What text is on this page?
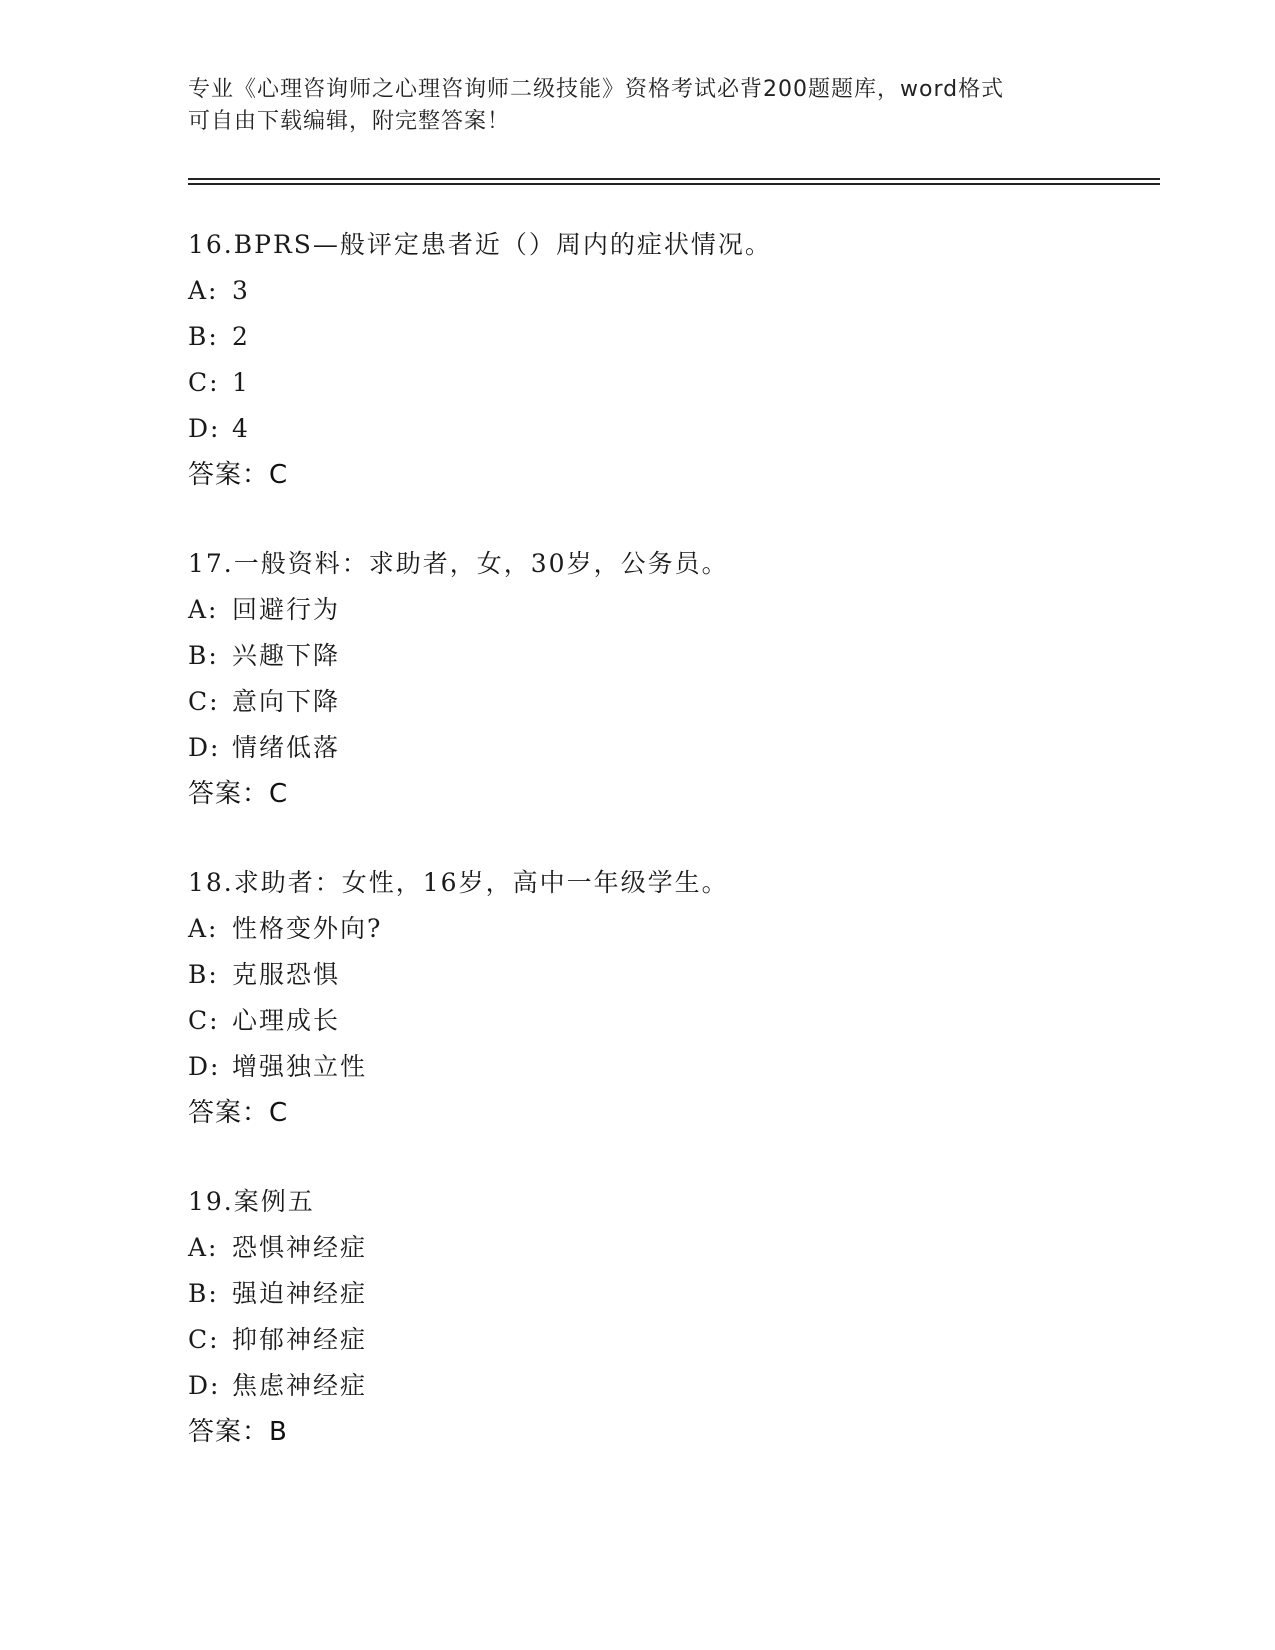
专业《心理咨询师之心理咨询师二级技能》资格考试必背200题题库，word格式
可自由下载编辑，附完整答案！
16.BPRS—般评定患者近（）周内的症状情况。
A: 3
B: 2
C: 1
D: 4
答案：C
17.一般资料：求助者，女，30岁，公务员。
A: 回避行为
B: 兴趣下降
C: 意向下降
D: 情绪低落
答案：C
18.求助者：女性，16岁，高中一年级学生。
A: 性格变外向?
B: 克服恐惧
C: 心理成长
D: 增强独立性
答案：C
19.案例五
A: 恐惧神经症
B: 强迫神经症
C: 抑郁神经症
D: 焦虑神经症
答案：B
